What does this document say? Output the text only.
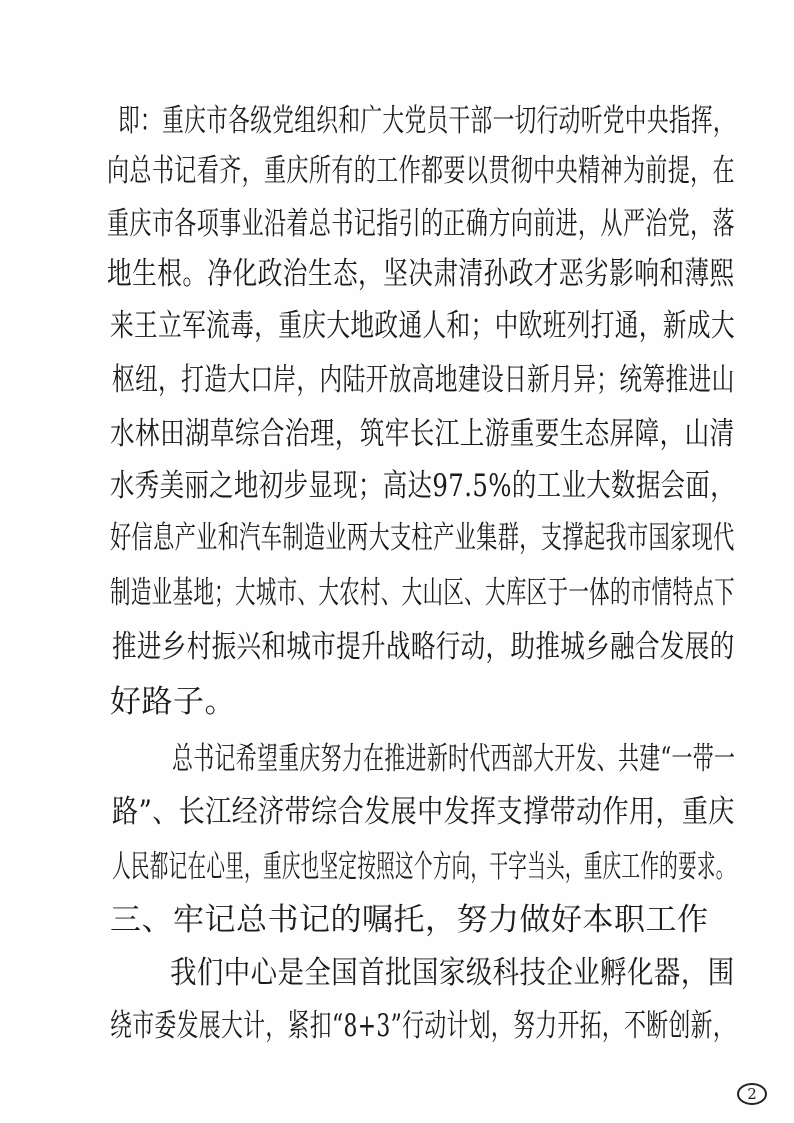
即：重庆市各级党组织和广大党员干部一切行动听党中央指挥，
向总书记看齐，重庆所有的工作都要以贯彻中央精神为前提，在
重庆市各项事业沿着总书记指引的正确方向前进，从严治党，落
地生根。净化政治生态，坚决肃清孙政才恶劣影响和薄熙
来王立军流毒，重庆大地政通人和；中欧班列打通，新成大
枢纽，打造大口岸，内陆开放高地建设日新月异；统筹推进山
水林田湖草综合治理，筑牢长江上游重要生态屏障，山清
水秀美丽之地初步显现；高达97.5%的工业大数据会面，
好信息产业和汽车制造业两大支柱产业集群，支撑起我市国家现代
制造业基地；大城市、大农村、大山区、大库区于一体的市情特点下
推进乡村振兴和城市提升战略行动，助推城乡融合发展的
好路子。
总书记希望重庆努力在推进新时代西部大开发、共建“一带一
路”、长江经济带综合发展中发挥支撑带动作用，重庆
人民都记在心里，重庆也坚定按照这个方向，干字当头，重庆工作的要求。
三、牢记总书记的嘱托，努力做好本职工作
我们中心是全国首批国家级科技企业孵化器，围
绕市委发展大计，紧扣“8+3”行动计划，努力开拓，不断创新，
2
